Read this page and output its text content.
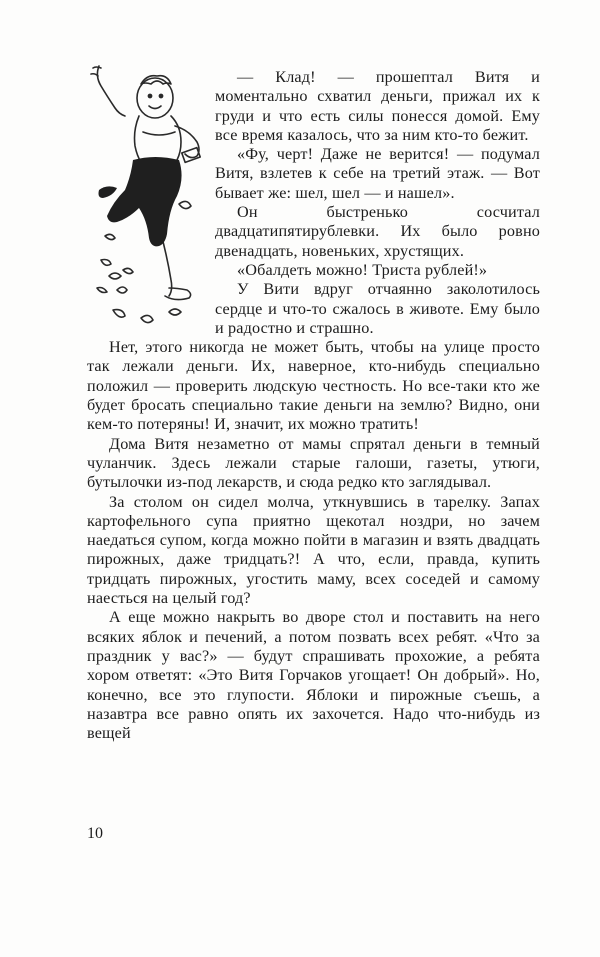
— Клад! — прошептал Витя и моментально схватил деньги, прижал их к груди и что есть силы понесся домой. Ему все время казалось, что за ним кто-то бежит.

«Фу, черт! Даже не верится! — подумал Витя, взлетев к себе на третий этаж. — Вот бывает же: шел, шел — и нашел».

Он быстренько сосчитал двадцатипятирублевки. Их было ровно двенадцать, новеньких, хрустящих.

«Обалдеть можно! Триста рублей!»

У Вити вдруг отчаянно заколотилось сердце и что-то сжалось в животе. Ему было и радостно и страшно.

Нет, этого никогда не может быть, чтобы на улице просто так лежали деньги. Их, наверное, кто-нибудь специально положил — проверить людскую честность. Но все-таки кто же будет бросать специально такие деньги на землю? Видно, они кем-то потеряны! И, значит, их можно тратить!

Дома Витя незаметно от мамы спрятал деньги в темный чуланчик. Здесь лежали старые галоши, газеты, утюги, бутылочки из-под лекарств, и сюда редко кто заглядывал.

За столом он сидел молча, уткнувшись в тарелку. Запах картофельного супа приятно щекотал ноздри, но зачем наедаться супом, когда можно пойти в магазин и взять двадцать пирожных, даже тридцать?! А что, если, правда, купить тридцать пирожных, угостить маму, всех соседей и самому наесться на целый год?

А еще можно накрыть во дворе стол и поставить на него всяких яблок и печений, а потом позвать всех ребят. «Что за праздник у вас?» — будут спрашивать прохожие, а ребята хором ответят: «Это Витя Горчаков угощает! Он добрый». Но, конечно, все это глупости. Яблоки и пирожные съешь, а назавтра все равно опять их захочется. Надо что-нибудь из вещей

10
